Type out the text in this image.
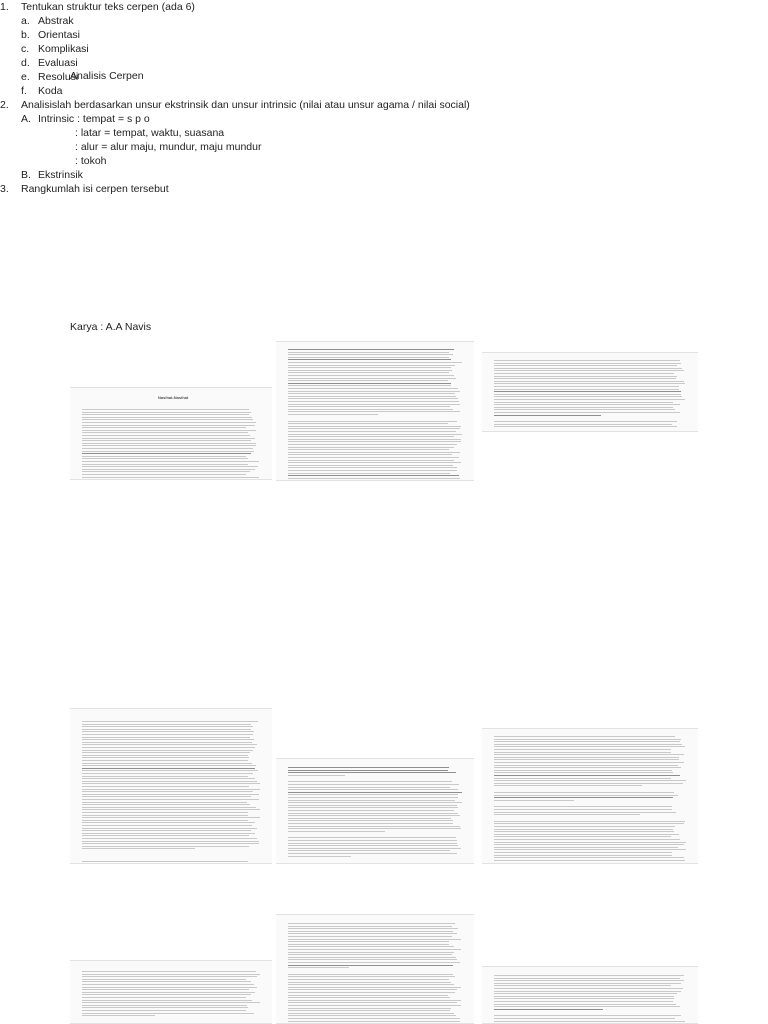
Analisis Cerpen
1. Tentukan struktur teks cerpen (ada 6)
a. Abstrak
b. Orientasi
c. Komplikasi
d. Evaluasi
e. Resolusi
f. Koda
2. Analisislah berdasarkan unsur ekstrinsik dan unsur intrinsic (nilai atau unsur agama / nilai social)
A. Intrinsic : tempat = s p o
: latar = tempat, waktu, suasana
: alur = alur maju, mundur, maju mundur
: tokoh
B. Ekstrinsik
3. Rangkumlah isi cerpen tersebut
Karya : A.A Navis
Nasihat-Nasihat
